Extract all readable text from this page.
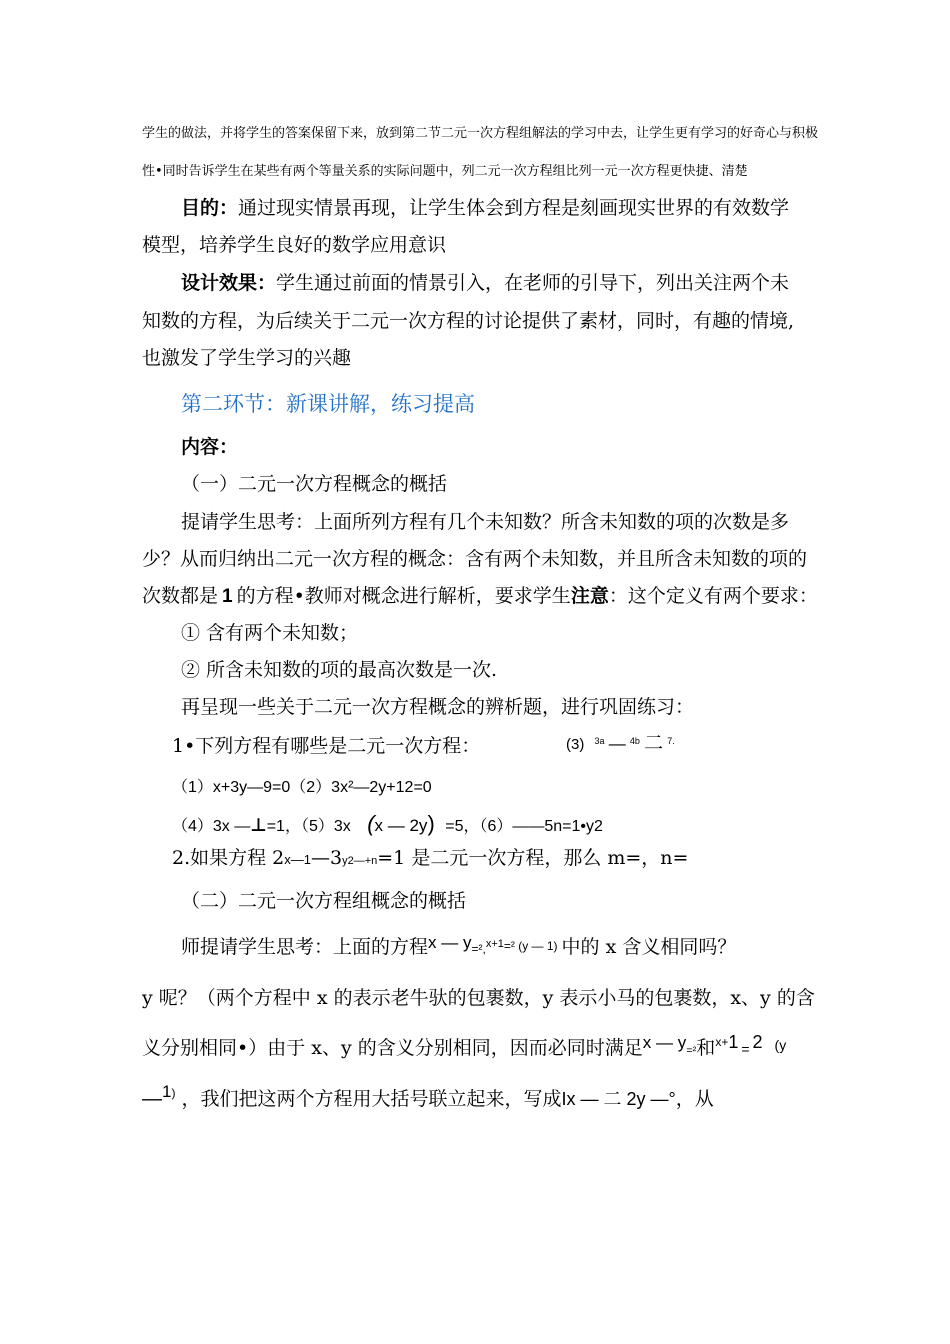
学生的做法，并将学生的答案保留下来，放到第二节二元一次方程组解法的学习中去，让学生更有学习的好奇心与积极
性•同时告诉学生在某些有两个等量关系的实际问题中，列二元一次方程组比列一元一次方程更快捷、清楚
目的：通过现实情景再现，让学生体会到方程是刻画现实世界的有效数学
模型，培养学生良好的数学应用意识
设计效果：学生通过前面的情景引入，在老师的引导下，列出关注两个未
知数的方程，为后续关于二元一次方程的讨论提供了素材，同时，有趣的情境,
也激发了学生学习的兴趣
第二环节：新课讲解，练习提高
内容：
（一）二元一次方程概念的概括
提请学生思考：上面所列方程有几个未知数？所含未知数的项的次数是多
少？从而归纳出二元一次方程的概念：含有两个未知数，并且所含未知数的项的
次数都是 1 的方程•教师对概念进行解析，要求学生注意：这个定义有两个要求：
① 含有两个未知数；
② 所含未知数的项的最高次数是一次.
再呈现一些关于二元一次方程概念的辨析题，进行巩固练习：
1•下列方程有哪些是二元一次方程：	(3) $^{3a}$ — $^{4b}$ 二 $^{7.}$
（1）x+3y—9=0（2）3x²—2y+12=0
（4）3x —⊥=1，（5）3x (x — 2y) =5，（6）——5n=1•y2
2.如果方程 2x—1—3y2—+n=1 是二元一次方程，那么 m=，n=
（二）二元一次方程组概念的概括
师提请学生思考：上面的方程x — y=²,$^{x+1}$=² (y — 1) 中的 x 含义相同吗？
y 呢？（两个方程中 x 的表示老牛驮的包裹数，y 表示小马的包裹数，x、y 的含
义分别相同•）由于 x、y 的含义分别相同，因而必同时满足x — y=²和$^{x+}$1 = 2 $^{(y}$
—1) ，我们把这两个方程用大括号联立起来，写成Ix — 二 2y —°，从
